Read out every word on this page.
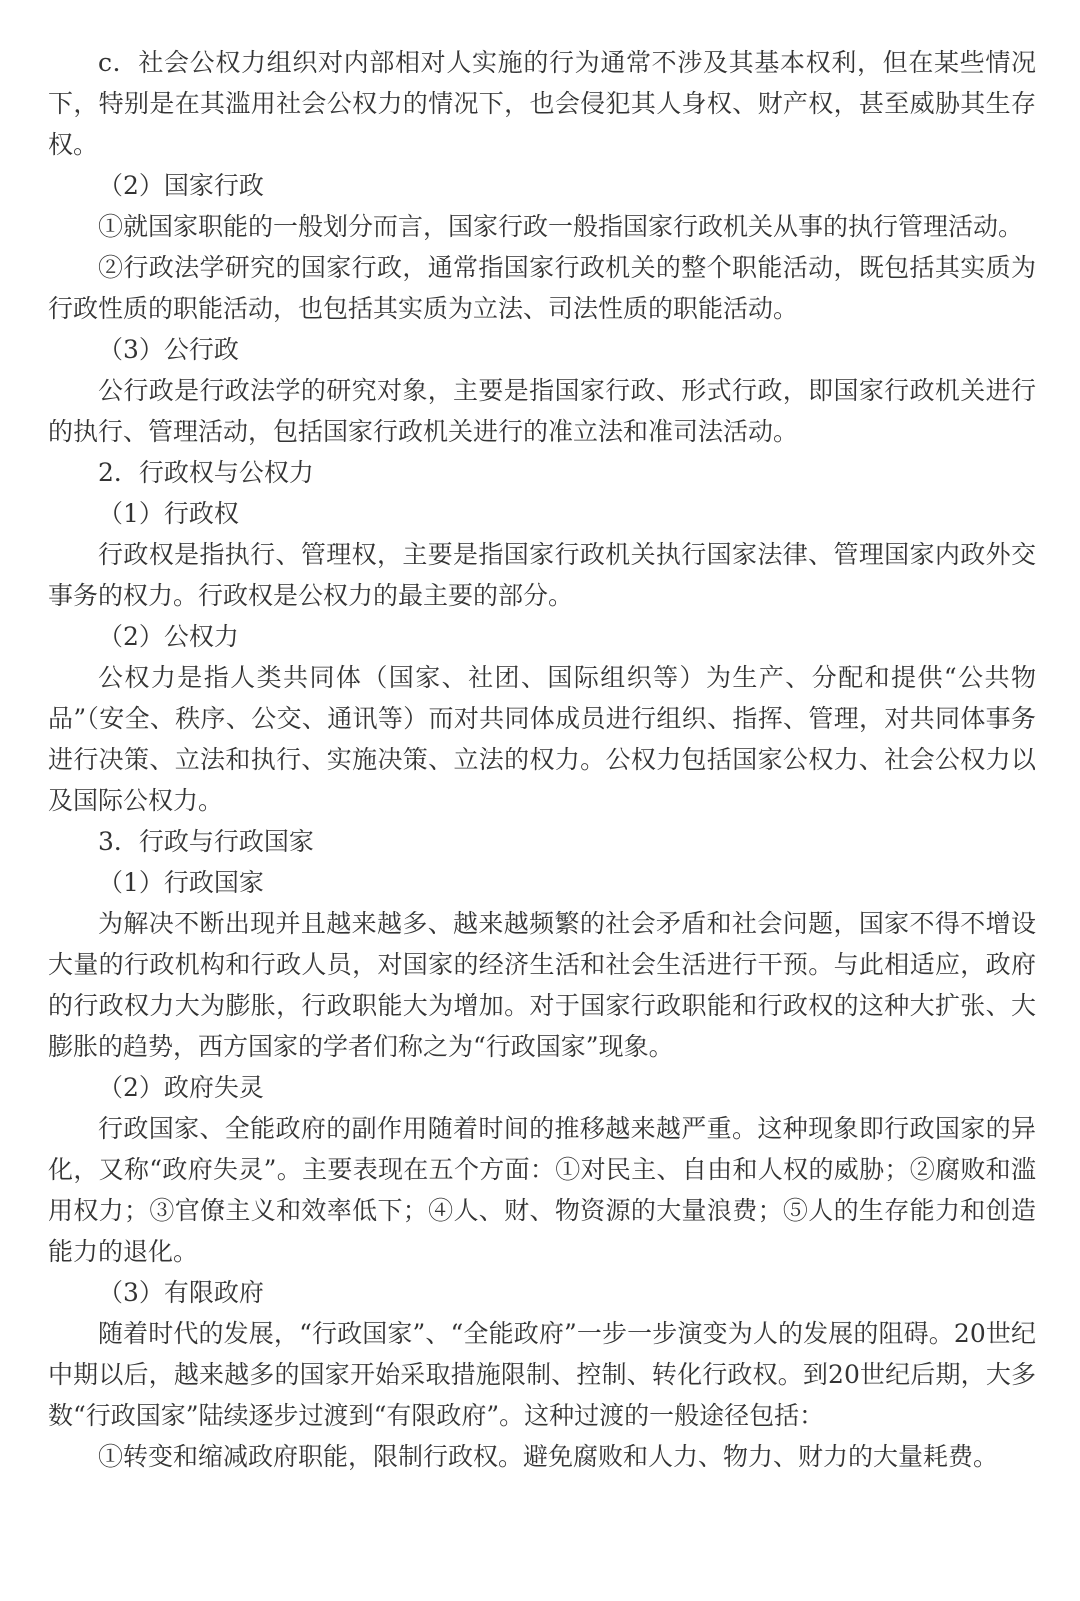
c．社会公权力组织对内部相对人实施的行为通常不涉及其基本权利，但在某些情况下，特别是在其滥用社会公权力的情况下，也会侵犯其人身权、财产权，甚至威胁其生存权。

（2）国家行政

①就国家职能的一般划分而言，国家行政一般指国家行政机关从事的执行管理活动。

②行政法学研究的国家行政，通常指国家行政机关的整个职能活动，既包括其实质为行政性质的职能活动，也包括其实质为立法、司法性质的职能活动。

（3）公行政

公行政是行政法学的研究对象，主要是指国家行政、形式行政，即国家行政机关进行的执行、管理活动，包括国家行政机关进行的准立法和准司法活动。

2．行政权与公权力

（1）行政权

行政权是指执行、管理权，主要是指国家行政机关执行国家法律、管理国家内政外交事务的权力。行政权是公权力的最主要的部分。

（2）公权力

公权力是指人类共同体（国家、社团、国际组织等）为生产、分配和提供“公共物品”（安全、秩序、公交、通讯等）而对共同体成员进行组织、指挥、管理，对共同体事务进行决策、立法和执行、实施决策、立法的权力。公权力包括国家公权力、社会公权力以及国际公权力。

3．行政与行政国家

（1）行政国家

为解决不断出现并且越来越多、越来越频繁的社会矛盾和社会问题，国家不得不增设大量的行政机构和行政人员，对国家的经济生活和社会生活进行干预。与此相适应，政府的行政权力大为膨胀，行政职能大为增加。对于国家行政职能和行政权的这种大扩张、大膨胀的趋势，西方国家的学者们称之为“行政国家”现象。

（2）政府失灵

行政国家、全能政府的副作用随着时间的推移越来越严重。这种现象即行政国家的异化，又称“政府失灵”。主要表现在五个方面：①对民主、自由和人权的威胁；②腐败和滥用权力；③官僚主义和效率低下；④人、财、物资源的大量浪费；⑤人的生存能力和创造能力的退化。

（3）有限政府

随着时代的发展，“行政国家”、“全能政府”一步一步演变为人的发展的阻碍。20世纪中期以后，越来越多的国家开始采取措施限制、控制、转化行政权。到20世纪后期，大多数“行政国家”陆续逐步过渡到“有限政府”。这种过渡的一般途径包括：

①转变和缩减政府职能，限制行政权。避免腐败和人力、物力、财力的大量耗费。
